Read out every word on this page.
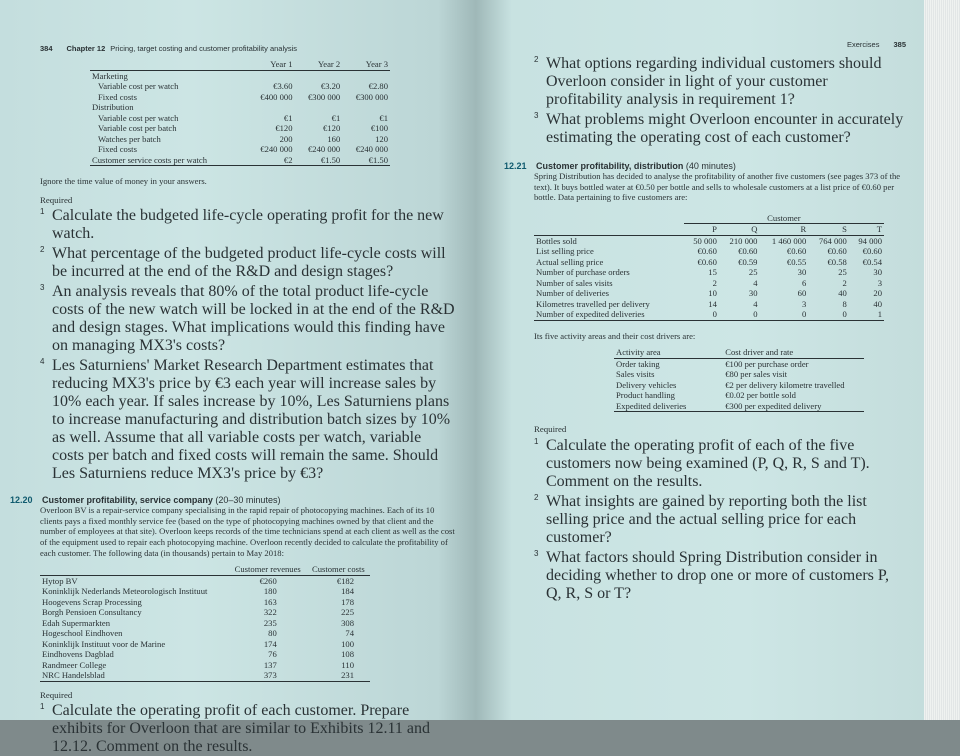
384 Chapter 12 Pricing, target costing and customer profitability analysis
	Year 1	Year 2	Year 3
Marketing			
Variable cost per watch	€3.60	€3.20	€2.80
Fixed costs	€400 000	€300 000	€300 000
Distribution			
Variable cost per watch	€1	€1	€1
Variable cost per batch	€120	€120	€100
Watches per batch	200	160	120
Fixed costs	€240 000	€240 000	€240 000
Customer service costs per watch	€2	€1.50	€1.50

Ignore the time value of money in your answers.

Required

1 Calculate the budgeted life-cycle operating profit for the new watch.
2 What percentage of the budgeted product life-cycle costs will be incurred at the end of the R&D and design stages?
3 An analysis reveals that 80% of the total product life-cycle costs of the new watch will be locked in at the end of the R&D and design stages. What implications would this finding have on managing MX3's costs?
4 Les Saturniens' Market Research Department estimates that reducing MX3's price by €3 each year will increase sales by 10% each year. If sales increase by 10%, Les Saturniens plans to increase manufacturing and distribution batch sizes by 10% as well. Assume that all variable costs per watch, variable costs per batch and fixed costs will remain the same. Should Les Saturniens reduce MX3's price by €3?
12.20	Customer profitability, service company (20–30 minutes)

Overloon BV is a repair-service company specialising in the rapid repair of photocopying machines. Each of its 10 clients pays a fixed monthly service fee (based on the type of photocopying machines owned by that client and the number of employees at that site). Overloon keeps records of the time technicians spend at each client as well as the cost of the equipment used to repair each photocopying machine. Overloon recently decided to calculate the profitability of each customer. The following data (in thousands) pertain to May 2018:

	Customer revenues	Customer costs
Hytop BV	€260	€182
Koninklijk Nederlands Meteorologisch Instituut	180	184
Hoogevens Scrap Processing	163	178
Borgh Pensioen Consultancy	322	225
Edah Supermarkten	235	308
Hogeschool Eindhoven	80	74
Koninklijk Instituut voor de Marine	174	100
Eindhovens Dagblad	76	108
Randmeer College	137	110
NRC Handelsblad	373	231

Required

1 Calculate the operating profit of each customer. Prepare exhibits for Overloon that are similar to Exhibits 12.11 and 12.12. Comment on the results.
Exercises 385
2 What options regarding individual customers should Overloon consider in light of your customer profitability analysis in requirement 1?
3 What problems might Overloon encounter in accurately estimating the operating cost of each customer?
12.21	Customer profitability, distribution (40 minutes)

Spring Distribution has decided to analyse the profitability of another five customers (see pages 373 of the text). It buys bottled water at €0.50 per bottle and sells to wholesale customers at a list price of €0.60 per bottle. Data pertaining to five customers are:

	Customer				
	P	Q	R	S	T
Bottles sold	50 000	210 000	1 460 000	764 000	94 000
List selling price	€0.60	€0.60	€0.60	€0.60	€0.60
Actual selling price	€0.60	€0.59	€0.55	€0.58	€0.54
Number of purchase orders	15	25	30	25	30
Number of sales visits	2	4	6	2	3
Number of deliveries	10	30	60	40	20
Kilometres travelled per delivery	14	4	3	8	40
Number of expedited deliveries	0	0	0	0	1

Its five activity areas and their cost drivers are:

Activity area	Cost driver and rate
Order taking	€100 per purchase order
Sales visits	€80 per sales visit
Delivery vehicles	€2 per delivery kilometre travelled
Product handling	€0.02 per bottle sold
Expedited deliveries	€300 per expedited delivery

Required

1 Calculate the operating profit of each of the five customers now being examined (P, Q, R, S and T). Comment on the results.
2 What insights are gained by reporting both the list selling price and the actual selling price for each customer?
3 What factors should Spring Distribution consider in deciding whether to drop one or more of customers P, Q, R, S or T?
